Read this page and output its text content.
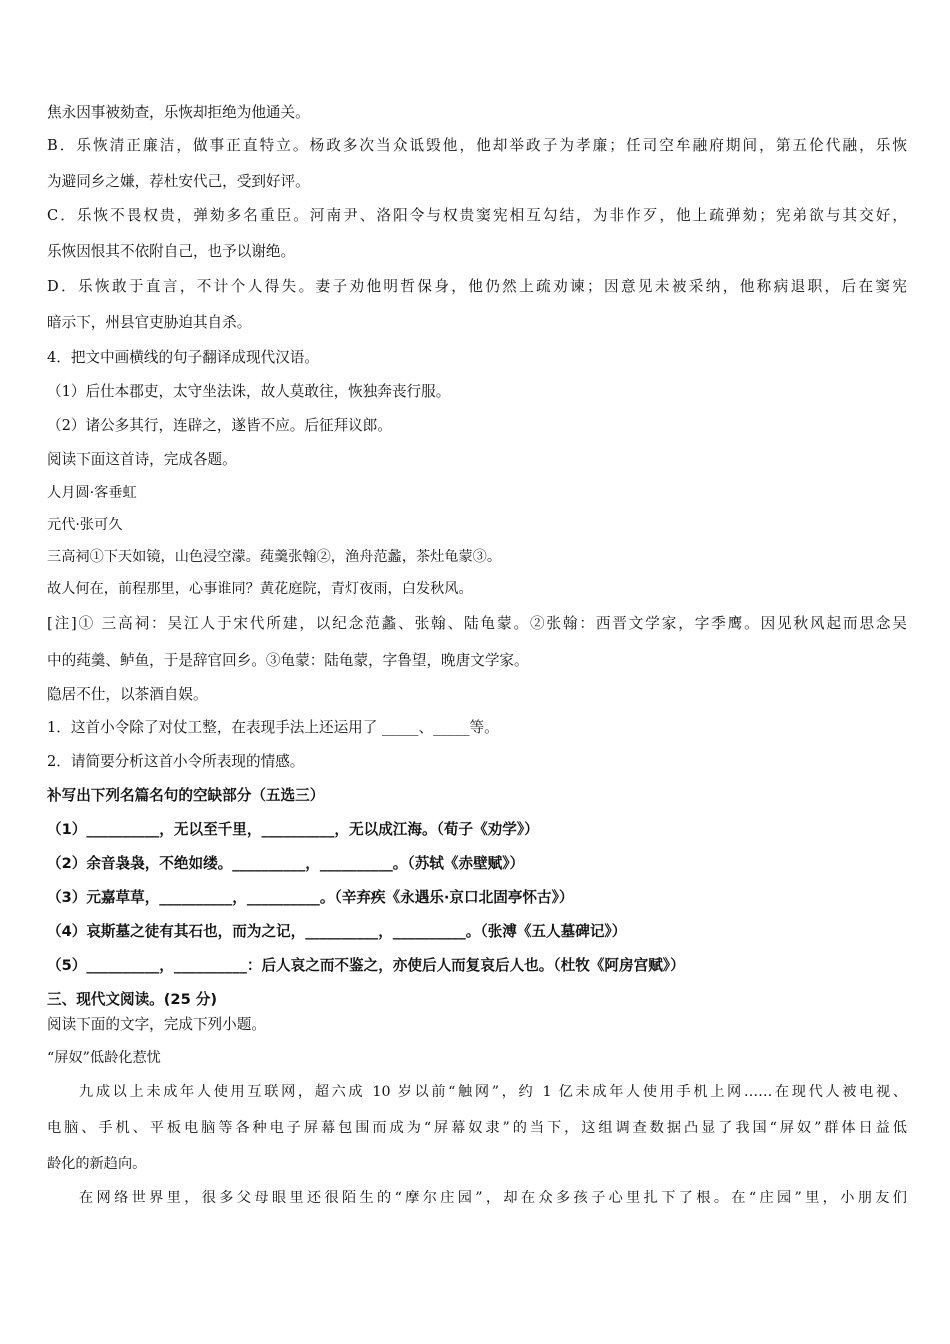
焦永因事被劾查，乐恢却拒绝为他通关。
B．乐恢清正廉洁，做事正直特立。杨政多次当众诋毁他，他却举政子为孝廉；任司空牟融府期间，第五伦代融，乐恢
为避同乡之嫌，荐杜安代己，受到好评。
C．乐恢不畏权贵，弹劾多名重臣。河南尹、洛阳令与权贵窦宪相互勾结，为非作歹，他上疏弹劾；宪弟欲与其交好，
乐恢因恨其不依附自己，也予以谢绝。
D．乐恢敢于直言，不计个人得失。妻子劝他明哲保身，他仍然上疏劝谏；因意见未被采纳，他称病退职，后在窦宪
暗示下，州县官吏胁迫其自杀。
4．把文中画横线的句子翻译成现代汉语。
（1）后仕本郡吏，太守坐法诛，故人莫敢往，恢独奔丧行服。
（2）诸公多其行，连辟之，遂皆不应。后征拜议郎。
阅读下面这首诗，完成各题。
人月圆·客垂虹
元代·张可久
三高祠①下天如镜，山色浸空濛。莼羹张翰②，渔舟范蠡，茶灶龟蒙③。
故人何在，前程那里，心事谁同？黄花庭院，青灯夜雨，白发秋风。
[注]① 三高祠：吴江人于宋代所建，以纪念范蠡、张翰、陆龟蒙。②张翰：西晋文学家，字季鹰。因见秋风起而思念吴
中的莼羹、鲈鱼，于是辞官回乡。③龟蒙：陆龟蒙，字鲁望，晚唐文学家。
隐居不仕，以茶酒自娱。
1．这首小令除了对仗工整，在表现手法上还运用了 _____、_____等。
2．请简要分析这首小令所表现的情感。
补写出下列名篇名句的空缺部分（五选三）
（1）__________，无以至千里，__________，无以成江海。（荀子《劝学》）
（2）余音袅袅，不绝如缕。__________，__________。（苏轼《赤壁赋》）
（3）元嘉草草，__________，__________。（辛弃疾《永遇乐·京口北固亭怀古》）
（4）哀斯墓之徒有其石也，而为之记，__________，__________。（张溥《五人墓碑记》）
（5）__________，__________：后人哀之而不鉴之，亦使后人而复哀后人也。（杜牧《阿房宫赋》）
三、现代文阅读。(25 分)
阅读下面的文字，完成下列小题。
“屏奴”低龄化惹忧
九成以上未成年人使用互联网，超六成 10 岁以前“触网”，约 1 亿未成年人使用手机上网……在现代人被电视、
电脑、手机、平板电脑等各种电子屏幕包围而成为“屏幕奴隶”的当下，这组调查数据凸显了我国“屏奴”群体日益低
龄化的新趋向。
在网络世界里，很多父母眼里还很陌生的“摩尔庄园”，却在众多孩子心里扎下了根。在“庄园”里，小朋友们
